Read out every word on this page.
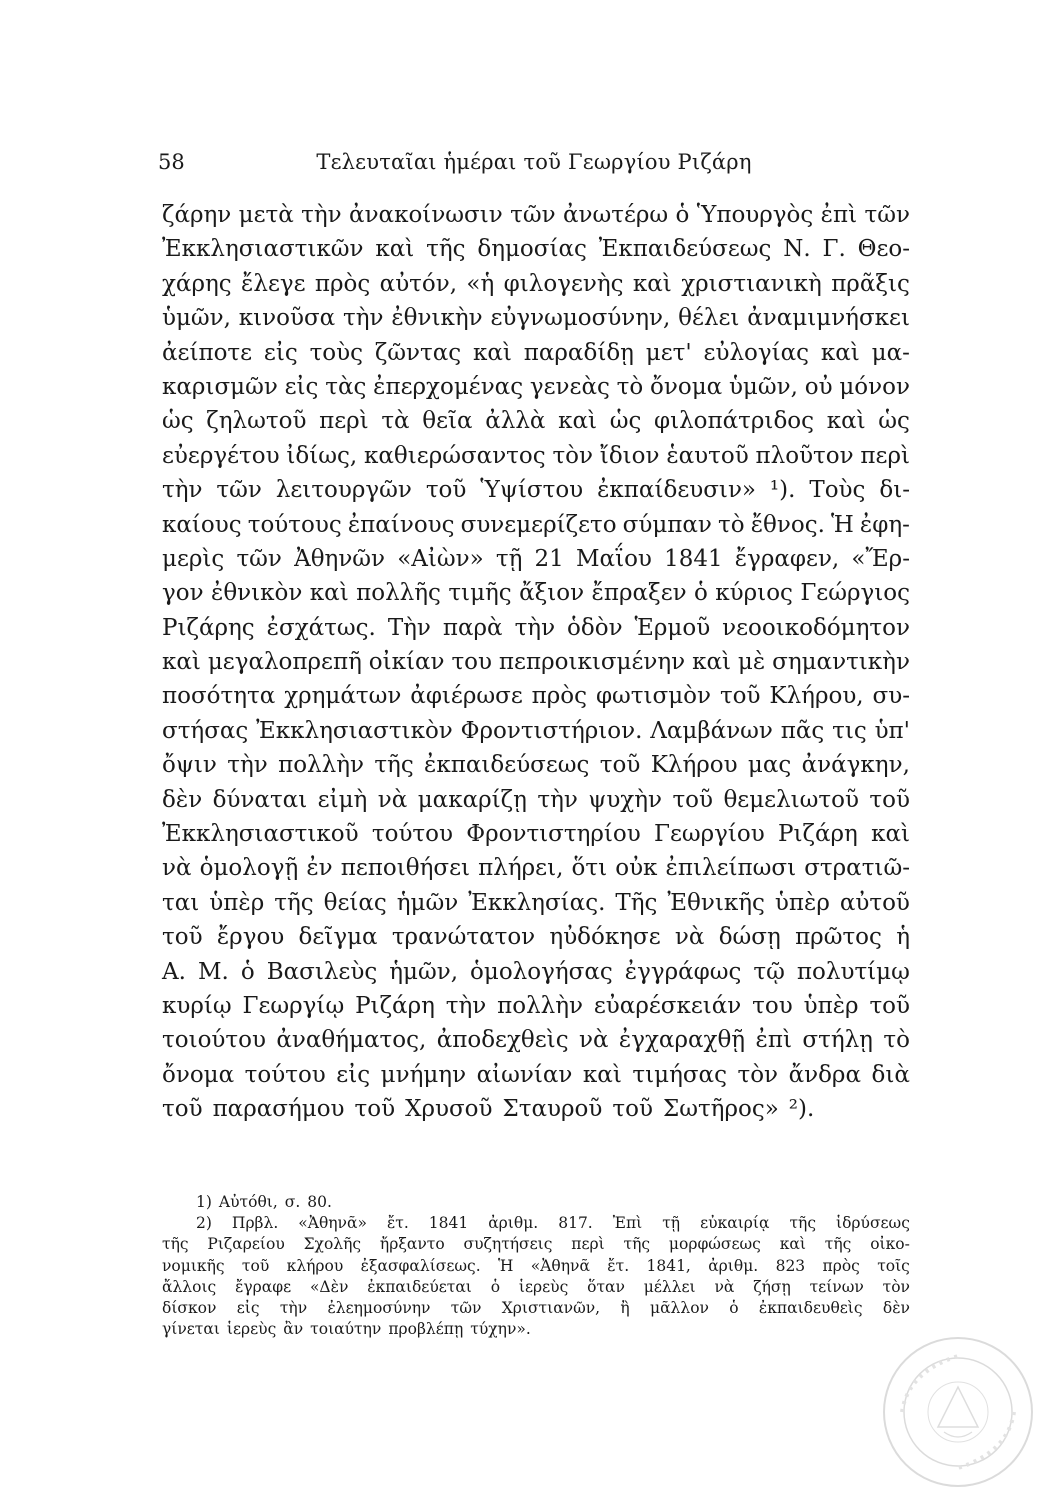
58	Τελευταῖαι ἡμέραι τοῦ Γεωργίου Ριζάρη
ζάρην μετὰ τὴν ἀνακοίνωσιν τῶν ἀνωτέρω ὁ Ὑπουργὸς ἐπὶ τῶν
Ἐκκλησιαστικῶν καὶ τῆς δημοσίας Ἐκπαιδεύσεως Ν. Γ. Θεο-
χάρης ἔλεγε πρὸς αὐτόν, «ἡ φιλογενὴς καὶ χριστιανικὴ πρᾶξις
ὑμῶν, κινοῦσα τὴν ἐθνικὴν εὐγνωμοσύνην, θέλει ἀναμιμνήσκει
ἀείποτε εἰς τοὺς ζῶντας καὶ παραδίδῃ μετ' εὐλογίας καὶ μα-
καρισμῶν εἰς τὰς ἐπερχομένας γενεὰς τὸ ὄνομα ὑμῶν, οὐ μόνον
ὡς ζηλωτοῦ περὶ τὰ θεῖα ἀλλὰ καὶ ὡς φιλοπάτριδος καὶ ὡς
εὐεργέτου ἰδίως, καθιερώσαντος τὸν ἴδιον ἑαυτοῦ πλοῦτον περὶ
τὴν τῶν λειτουργῶν τοῦ Ὑψίστου ἐκπαίδευσιν» ¹). Τοὺς δι-
καίους τούτους ἐπαίνους συνεμερίζετο σύμπαν τὸ ἔθνος. Ἡ ἐφη-
μερὶς τῶν Ἀθηνῶν «Αἰὼν» τῇ 21 Μαΐου 1841 ἔγραφεν, «Ἔρ-
γον ἐθνικὸν καὶ πολλῆς τιμῆς ἄξιον ἔπραξεν ὁ κύριος Γεώργιος
Ριζάρης ἐσχάτως. Τὴν παρὰ τὴν ὁδὸν Ἑρμοῦ νεοοικοδόμητον
καὶ μεγαλοπρεπῆ οἰκίαν του πεπροικισμένην καὶ μὲ σημαντικὴν
ποσότητα χρημάτων ἀφιέρωσε πρὸς φωτισμὸν τοῦ Κλήρου, συ-
στήσας Ἐκκλησιαστικὸν Φροντιστήριον. Λαμβάνων πᾶς τις ὑπ'
ὄψιν τὴν πολλὴν τῆς ἐκπαιδεύσεως τοῦ Κλήρου μας ἀνάγκην,
δὲν δύναται εἰμὴ νὰ μακαρίζῃ τὴν ψυχὴν τοῦ θεμελιωτοῦ τοῦ
Ἐκκλησιαστικοῦ τούτου Φροντιστηρίου Γεωργίου Ριζάρη καὶ
νὰ ὁμολογῇ ἐν πεποιθήσει πλήρει, ὅτι οὐκ ἐπιλείπωσι στρατιῶ-
ται ὑπὲρ τῆς θείας ἡμῶν Ἐκκλησίας. Τῆς Ἐθνικῆς ὑπὲρ αὐτοῦ
τοῦ ἔργου δεῖγμα τρανώτατον ηὐδόκησε νὰ δώσῃ πρῶτος ἡ
Α. Μ. ὁ Βασιλεὺς ἡμῶν, ὁμολογήσας ἐγγράφως τῷ πολυτίμῳ
κυρίῳ Γεωργίῳ Ριζάρη τὴν πολλὴν εὐαρέσκειάν του ὑπὲρ τοῦ
τοιούτου ἀναθήματος, ἀποδεχθεὶς νὰ ἐγχαραχθῇ ἐπὶ στήλῃ τὸ
ὄνομα τούτου εἰς μνήμην αἰωνίαν καὶ τιμήσας τὸν ἄνδρα διὰ
τοῦ παρασήμου τοῦ Χρυσοῦ Σταυροῦ τοῦ Σωτῆρος» ²).
1) Αὐτόθι, σ. 80.
2) Πρβλ. «Ἀθηνᾶ» ἔτ. 1841 ἀριθμ. 817. Ἐπὶ τῇ εὐκαιρίᾳ τῆς ἱδρύσεως
τῆς Ριζαρείου Σχολῆς ἤρξαντο συζητήσεις περὶ τῆς μορφώσεως καὶ τῆς οἰκο-
νομικῆς τοῦ κλήρου ἐξασφαλίσεως. Ἡ «Ἀθηνᾶ ἔτ. 1841, ἀριθμ. 823 πρὸς τοῖς
ἄλλοις ἔγραφε «Δὲν ἐκπαιδεύεται ὁ ἱερεὺς ὅταν μέλλει νὰ ζήσῃ τείνων τὸν
δίσκον εἰς τὴν ἐλεημοσύνην τῶν Χριστιανῶν, ἢ μᾶλλον ὁ ἐκπαιδευθεὶς δὲν
γίνεται ἱερεὺς ἂν τοιαύτην προβλέπῃ τύχην».
